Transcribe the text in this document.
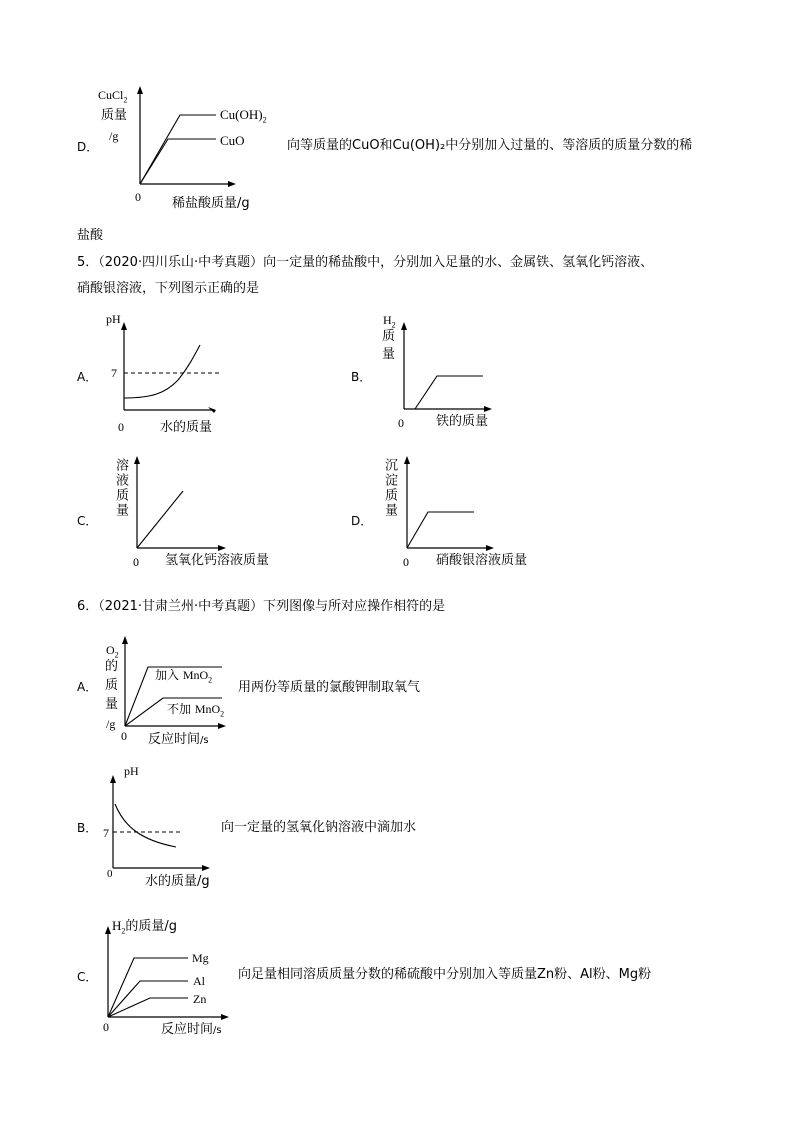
D．
CuCl$_2$
质量
/g
0 稀盐酸质量/g
$Cu(OH)_2$
CuO	向等质量的CuO和Cu(OH)₂中分别加入过量的、等溶质的质量分数的稀
盐酸
5．（2020·四川乐山·中考真题）向一定量的稀盐酸中，分别加入足量的水、金属铁、氢氧化钙溶液、
硝酸银溶液，下列图示正确的是
A．
pH
7
0	水的质量
B．
$H_2$
质
量
0 铁的质量
C．
溶液质量
0 氢氧化钙溶液质量
D．
沉淀质量
0 硝酸银溶液质量
6．（2021·甘肃兰州·中考真题）下列图像与所对应操作相符的是
A．
$O_2$
的
质
量
/g
0 反应时间/s
加入 MnO$_2$
不加 MnO$_2$
用两份等质量的氯酸钾制取氧气
B．
pH
7
0	水的质量/g
向一定量的氢氧化钠溶液中滴加水
C．
$H_2$的质量/g
0	反应时间/s
Mg
Al
Zn
向足量相同溶质质量分数的稀硫酸中分别加入等质量Zn粉、Al粉、Mg粉
